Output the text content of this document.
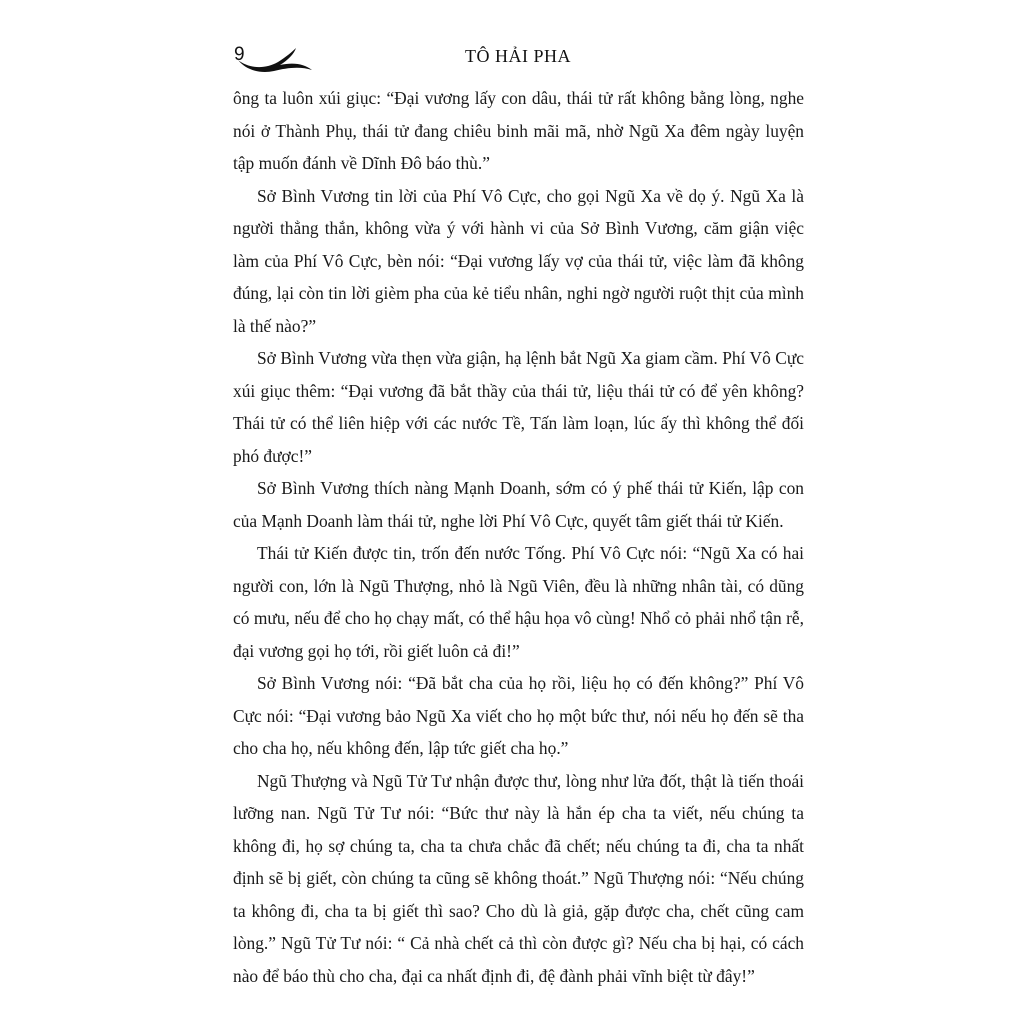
9	TÔ HẢI PHA

ông ta luôn xúi giục: “Đại vương lấy con dâu, thái tử rất không bằng lòng, nghe nói ở Thành Phụ, thái tử đang chiêu binh mãi mã, nhờ Ngũ Xa đêm ngày luyện tập muốn đánh về Dĩnh Đô báo thù.”

Sở Bình Vương tin lời của Phí Vô Cực, cho gọi Ngũ Xa về dọ ý. Ngũ Xa là người thẳng thắn, không vừa ý với hành vi của Sở Bình Vương, căm giận việc làm của Phí Vô Cực, bèn nói: “Đại vương lấy vợ của thái tử, việc làm đã không đúng, lại còn tin lời gièm pha của kẻ tiểu nhân, nghi ngờ người ruột thịt của mình là thế nào?”

Sở Bình Vương vừa thẹn vừa giận, hạ lệnh bắt Ngũ Xa giam cầm. Phí Vô Cực xúi giục thêm: “Đại vương đã bắt thầy của thái tử, liệu thái tử có để yên không? Thái tử có thể liên hiệp với các nước Tề, Tấn làm loạn, lúc ấy thì không thể đối phó được!”

Sở Bình Vương thích nàng Mạnh Doanh, sớm có ý phế thái tử Kiến, lập con của Mạnh Doanh làm thái tử, nghe lời Phí Vô Cực, quyết tâm giết thái tử Kiến.

Thái tử Kiến được tin, trốn đến nước Tống. Phí Vô Cực nói: “Ngũ Xa có hai người con, lớn là Ngũ Thượng, nhỏ là Ngũ Viên, đều là những nhân tài, có dũng có mưu, nếu để cho họ chạy mất, có thể hậu họa vô cùng! Nhổ cỏ phải nhổ tận rễ, đại vương gọi họ tới, rồi giết luôn cả đi!”

Sở Bình Vương nói: “Đã bắt cha của họ rồi, liệu họ có đến không?” Phí Vô Cực nói: “Đại vương bảo Ngũ Xa viết cho họ một bức thư, nói nếu họ đến sẽ tha cho cha họ, nếu không đến, lập tức giết cha họ.”

Ngũ Thượng và Ngũ Tử Tư nhận được thư, lòng như lửa đốt, thật là tiến thoái lưỡng nan. Ngũ Tử Tư nói: “Bức thư này là hắn ép cha ta viết, nếu chúng ta không đi, họ sợ chúng ta, cha ta chưa chắc đã chết; nếu chúng ta đi, cha ta nhất định sẽ bị giết, còn chúng ta cũng sẽ không thoát.” Ngũ Thượng nói: “Nếu chúng ta không đi, cha ta bị giết thì sao? Cho dù là giả, gặp được cha, chết cũng cam lòng.” Ngũ Tử Tư nói: “ Cả nhà chết cả thì còn được gì? Nếu cha bị hại, có cách nào để báo thù cho cha, đại ca nhất định đi, đệ đành phải vĩnh biệt từ đây!”
